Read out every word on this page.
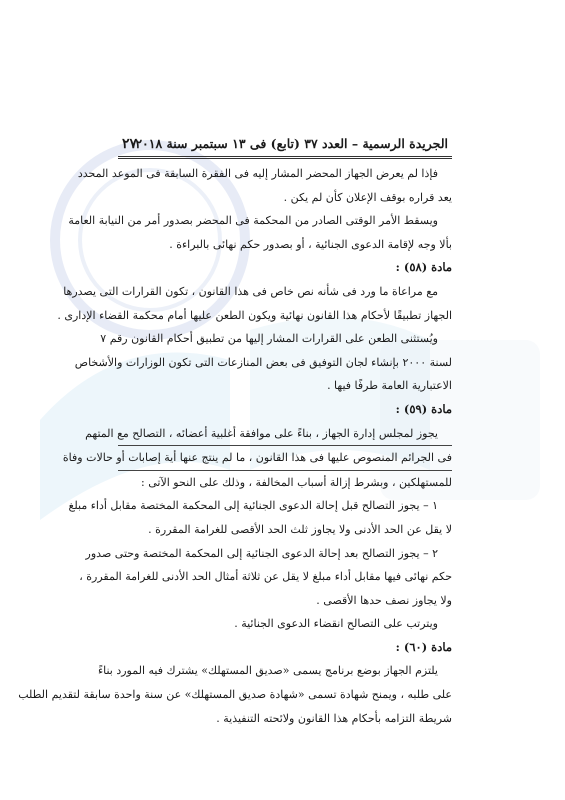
٢٧
الجريدة الرسمية – العدد ٣٧ (تابع) فى ١٣ سبتمبر سنة ٢٠١٨
فإذا لم يعرض الجهاز المحضر المشار إليه فى الفقرة السابقة فى الموعد المحدد
يعد قراره بوقف الإعلان كأن لم يكن .
ويسقط الأمر الوقتى الصادر من المحكمة فى المحضر بصدور أمر من النيابة العامة
بألا وجه لإقامة الدعوى الجنائية ، أو بصدور حكم نهائى بالبراءة .
مادة (٥٨) :
مع مراعاة ما ورد فى شأنه نص خاص فى هذا القانون ، تكون القرارات التى يصدرها
الجهاز تطبيقًا لأحكام هذا القانون نهائية ويكون الطعن عليها أمام محكمة القضاء الإدارى .
ويُستثنى الطعن على القرارات المشار إليها من تطبيق أحكام القانون رقم ٧
لسنة ٢٠٠٠ بإنشاء لجان التوفيق فى بعض المنازعات التى تكون الوزارات والأشخاص
الاعتبارية العامة طرفًا فيها .
مادة (٥٩) :
يجوز لمجلس إدارة الجهاز ، بناءً على موافقة أغلبية أعضائه ، التصالح مع المتهم
فى الجرائم المنصوص عليها فى هذا القانون ، ما لم ينتج عنها أية إصابات أو حالات وفاة
للمستهلكين ، وبشرط إزالة أسباب المخالفة ، وذلك على النحو الآتى :
١ – يجوز التصالح قبل إحالة الدعوى الجنائية إلى المحكمة المختصة مقابل أداء مبلغ
لا يقل عن الحد الأدنى ولا يجاوز ثلث الحد الأقصى للغرامة المقررة .
٢ – يجوز التصالح بعد إحالة الدعوى الجنائية إلى المحكمة المختصة وحتى صدور
حكم نهائى فيها مقابل أداء مبلغ لا يقل عن ثلاثة أمثال الحد الأدنى للغرامة المقررة ،
ولا يجاوز نصف حدها الأقصى .
ويترتب على التصالح انقضاء الدعوى الجنائية .
مادة (٦٠) :
يلتزم الجهاز بوضع برنامج يسمى «صديق المستهلك» يشترك فيه المورد بناءً
على طلبه ، ويمنح شهادة تسمى «شهادة صديق المستهلك» عن سنة واحدة سابقة لتقديم الطلب
شريطة التزامه بأحكام هذا القانون ولائحته التنفيذية .
